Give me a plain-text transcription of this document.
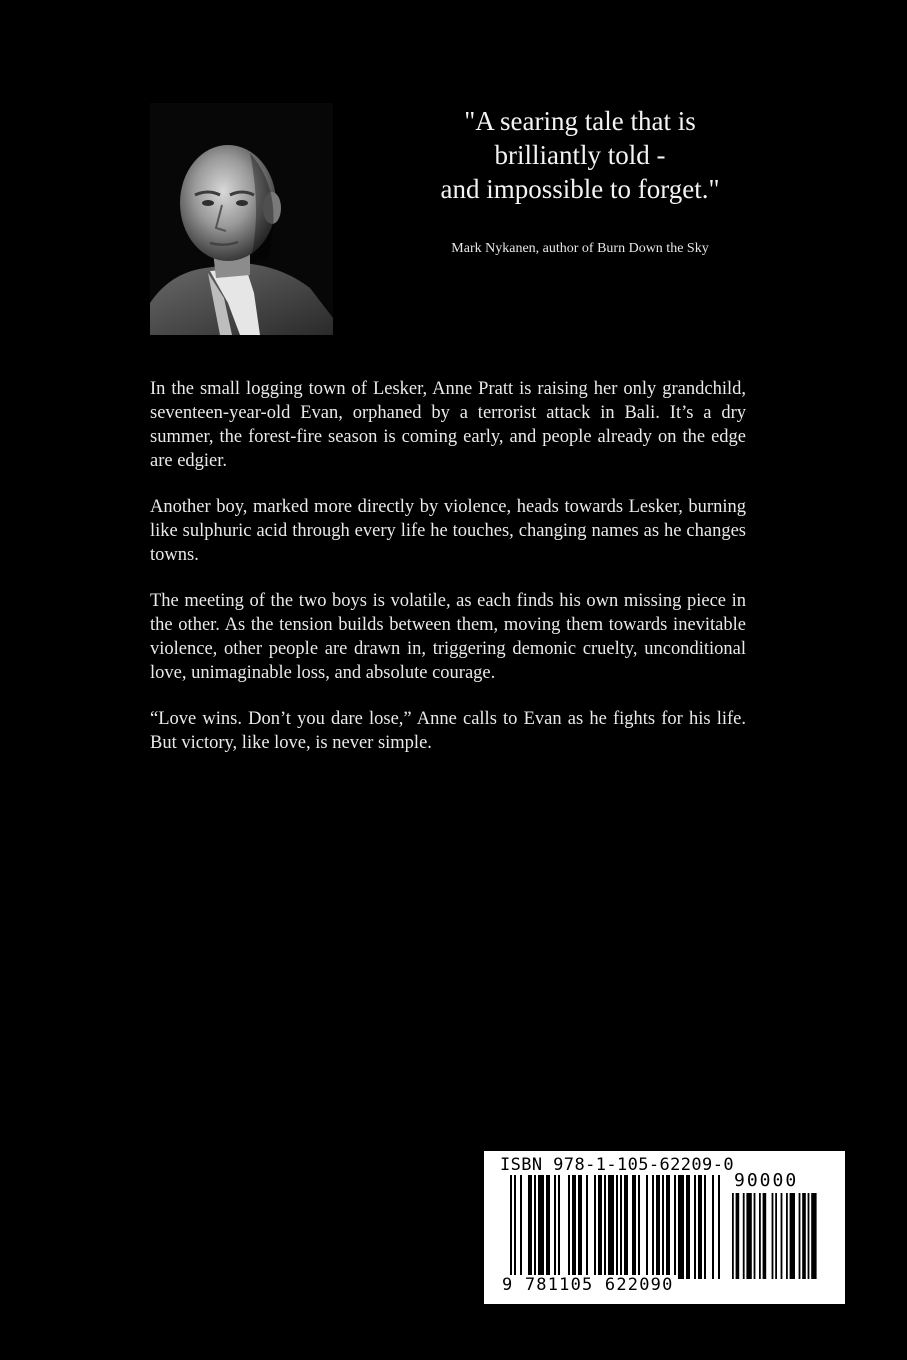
"A searing tale that is
brilliantly told -
and impossible to forget."
Mark Nykanen, author of Burn Down the Sky

In the small logging town of Lesker, Anne Pratt is raising her only grandchild, seventeen-year-old Evan, orphaned by a terrorist attack in Bali. It’s a dry summer, the forest-fire season is coming early, and people already on the edge are edgier.

Another boy, marked more directly by violence, heads towards Lesker, burning like sulphuric acid through every life he touches, changing names as he changes towns.

The meeting of the two boys is volatile, as each finds his own missing piece in the other. As the tension builds between them, moving them towards inevitable violence, other people are drawn in, triggering demonic cruelty, unconditional love, unimaginable loss, and absolute courage.

“Love wins. Don’t you dare lose,” Anne calls to Evan as he fights for his life. But victory, like love, is never simple.

ISBN 978-1-105-62209-0
90000
9 781105 622090
